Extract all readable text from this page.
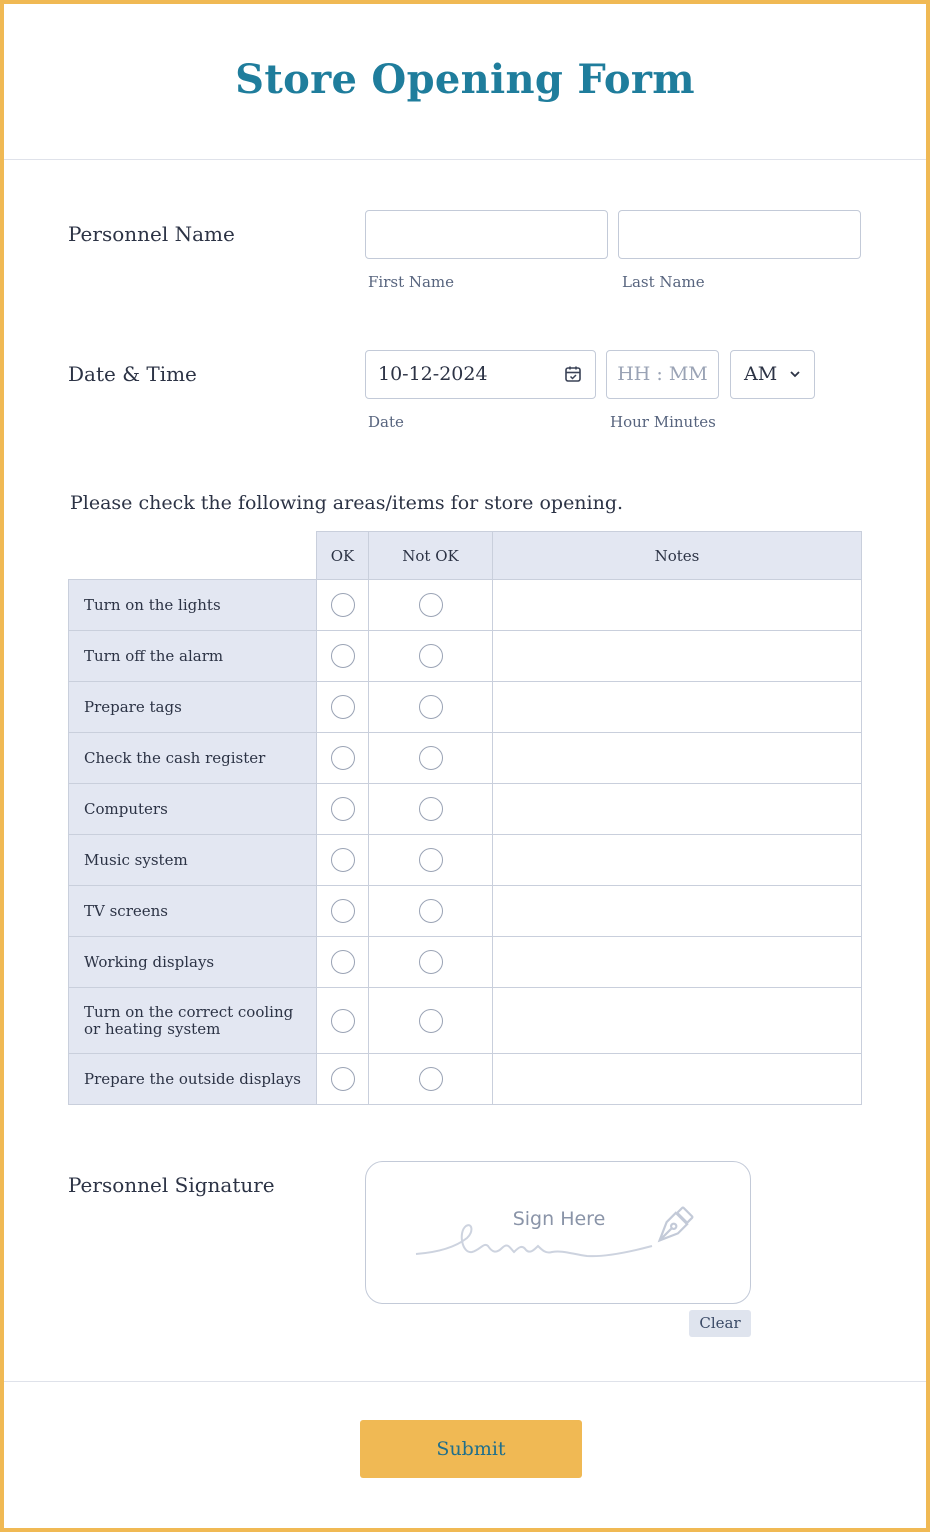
Store Opening Form
Personnel Name
First Name	Last Name
Date & Time	10-12-2024	HH : MM	AM
Date	Hour Minutes
Please check the following areas/items for store opening.
	OK	Not OK	Notes
Turn on the lights			
Turn off the alarm			
Prepare tags			
Check the cash register			
Computers			
Music system			
TV screens			
Working displays			
Turn on the correct cooling or heating system			
Prepare the outside displays			
Personnel Signature
Sign Here
Clear
Submit
